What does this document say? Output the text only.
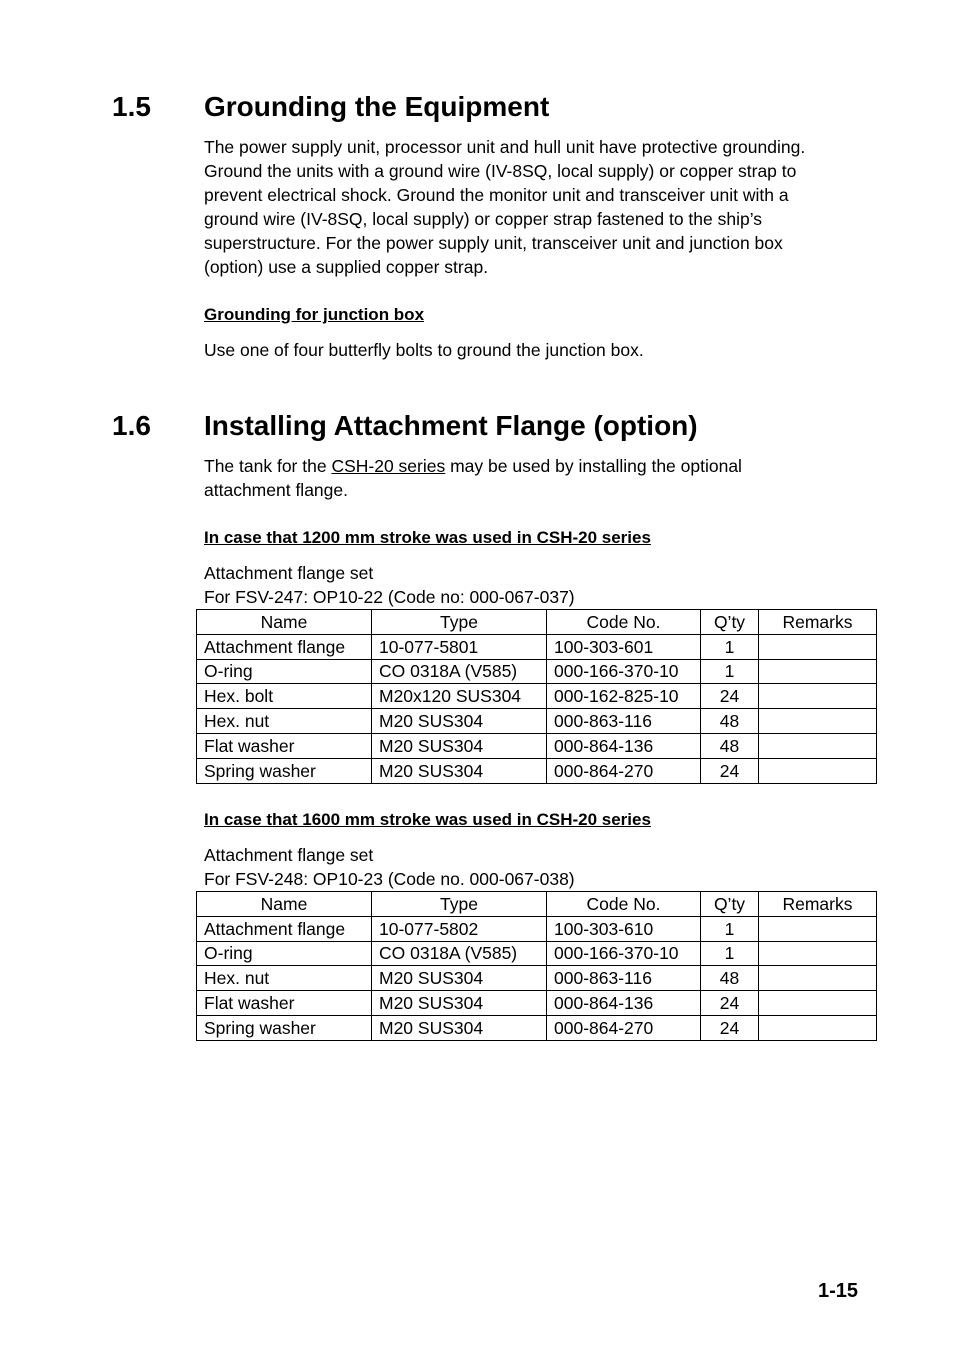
1.5 Grounding the Equipment
The power supply unit, processor unit and hull unit have protective grounding.
Ground the units with a ground wire (IV-8SQ, local supply) or copper strap to
prevent electrical shock. Ground the monitor unit and transceiver unit with a
ground wire (IV-8SQ, local supply) or copper strap fastened to the ship’s
superstructure. For the power supply unit, transceiver unit and junction box
(option) use a supplied copper strap.
Grounding for junction box
Use one of four butterfly bolts to ground the junction box.
1.6 Installing Attachment Flange (option)
The tank for the CSH-20 series may be used by installing the optional
attachment flange.
In case that 1200 mm stroke was used in CSH-20 series
Attachment flange set
For FSV-247: OP10-22 (Code no: 000-067-037)
Name	Type	Code No.	Q’ty	Remarks
Attachment flange	10-077-5801	100-303-601	1	
O-ring	CO 0318A (V585)	000-166-370-10	1	
Hex. bolt	M20x120 SUS304	000-162-825-10	24	
Hex. nut	M20 SUS304	000-863-116	48	
Flat washer	M20 SUS304	000-864-136	48	
Spring washer	M20 SUS304	000-864-270	24	
In case that 1600 mm stroke was used in CSH-20 series
Attachment flange set
For FSV-248: OP10-23 (Code no. 000-067-038)
Name	Type	Code No.	Q’ty	Remarks
Attachment flange	10-077-5802	100-303-610	1	
O-ring	CO 0318A (V585)	000-166-370-10	1	
Hex. nut	M20 SUS304	000-863-116	48	
Flat washer	M20 SUS304	000-864-136	24	
Spring washer	M20 SUS304	000-864-270	24	
1-15
